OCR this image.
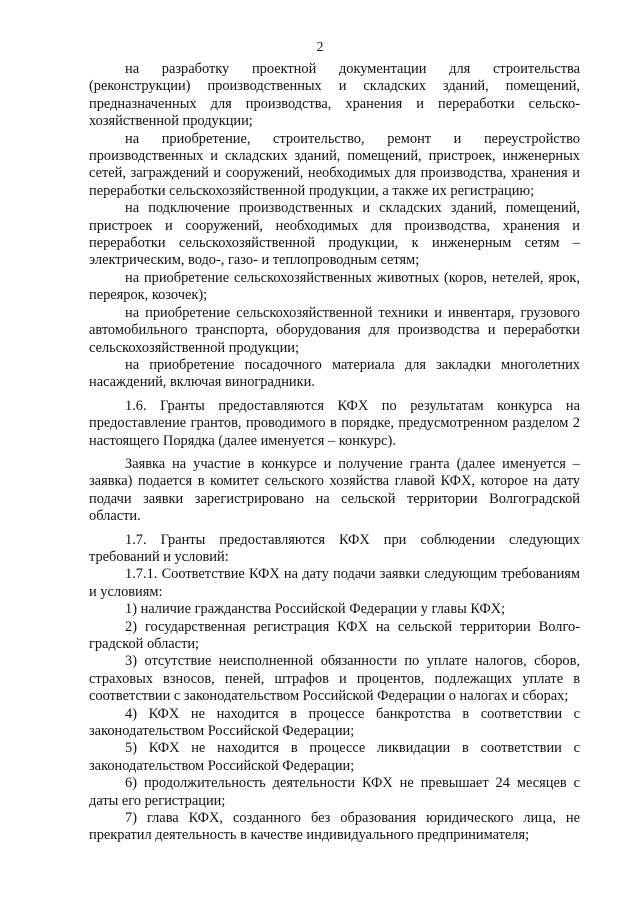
2

на разработку проектной документации для строительства (реконструкции) производственных и складских зданий, помещений, предназначенных для производства, хранения и переработки сельскохозяйственной продукции;

на приобретение, строительство, ремонт и переустройство производственных и складских зданий, помещений, пристроек, инженерных сетей, заграждений и сооружений, необходимых для производства, хранения и переработки сельскохозяйственной продукции, а также их регистрацию;

на подключение производственных и складских зданий, помещений, пристроек и сооружений, необходимых для производства, хранения и переработки сельскохозяйственной продукции, к инженерным сетям – электрическим, водо-, газо- и теплопроводным сетям;

на приобретение сельскохозяйственных животных (коров, нетелей, ярок, переярок, козочек);

на приобретение сельскохозяйственной техники и инвентаря, грузового автомобильного транспорта, оборудования для производства и переработки сельскохозяйственной продукции;

на приобретение посадочного материала для закладки многолетних насаждений, включая виноградники.

1.6. Гранты предоставляются КФХ по результатам конкурса на предоставление грантов, проводимого в порядке, предусмотренном разделом 2 настоящего Порядка (далее именуется – конкурс).

Заявка на участие в конкурсе и получение гранта (далее именуется – заявка) подается в комитет сельского хозяйства главой КФХ, которое на дату подачи заявки зарегистрировано на сельской территории Волгоградской области.

1.7. Гранты предоставляются КФХ при соблюдении следующих требований и условий:

1.7.1. Соответствие КФХ на дату подачи заявки следующим требованиям и условиям:

1) наличие гражданства Российской Федерации у главы КФХ;

2) государственная регистрация КФХ на сельской территории Волгоградской области;

3) отсутствие неисполненной обязанности по уплате налогов, сборов, страховых взносов, пеней, штрафов и процентов, подлежащих уплате в соответствии с законодательством Российской Федерации о налогах и сборах;

4) КФХ не находится в процессе банкротства в соответствии с законодательством Российской Федерации;

5) КФХ не находится в процессе ликвидации в соответствии с законодательством Российской Федерации;

6) продолжительность деятельности КФХ не превышает 24 месяцев с даты его регистрации;

7) глава КФХ, созданного без образования юридического лица, не прекратил деятельность в качестве индивидуального предпринимателя;
